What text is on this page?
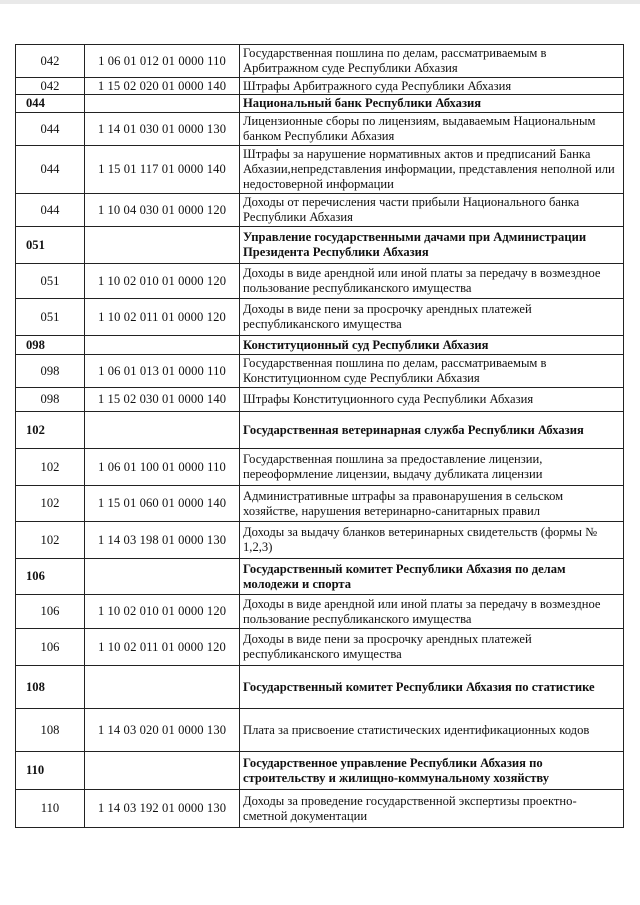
042	1 06 01 012 01 0000 110	Государственная пошлина по делам, рассматриваемым в Арбитражном суде Республики Абхазия
042	1 15 02 020 01 0000 140	Штрафы Арбитражного суда Республики Абхазия
044		Национальный банк Республики Абхазия
044	1 14 01 030 01 0000 130	Лицензионные сборы по лицензиям, выдаваемым Национальным банком Республики Абхазия
044	1 15 01 117 01 0000 140	Штрафы за нарушение нормативных актов и предписаний Банка Абхазии,непредставления информации, представления неполной или недостоверной информации
044	1 10 04 030 01 0000 120	Доходы от перечисления части прибыли Национального банка Республики Абхазия
051		Управление государственными дачами при Администрации Президента Республики Абхазия
051	1 10 02 010 01 0000 120	Доходы в виде арендной или иной платы за передачу в возмездное пользование республиканского имущества
051	1 10 02 011 01 0000 120	Доходы в виде пени за просрочку арендных платежей республиканского имущества
098		Конституционный суд Республики Абхазия
098	1 06 01 013 01 0000 110	Государственная пошлина по делам, рассматриваемым в Конституционном суде Республики Абхазия
098	1 15 02 030 01 0000 140	Штрафы Конституционного суда Республики Абхазия
102		Государственная ветеринарная служба Республики Абхазия
102	1 06 01 100 01 0000 110	Государственная пошлина за предоставление лицензии, переоформление лицензии, выдачу дубликата лицензии
102	1 15 01 060 01 0000 140	Административные штрафы за правонарушения в сельском хозяйстве, нарушения ветеринарно-санитарных правил
102	1 14 03 198 01 0000 130	Доходы за выдачу бланков ветеринарных свидетельств (формы № 1,2,3)
106		Государственный комитет Республики Абхазия по делам молодежи и спорта
106	1 10 02 010 01 0000 120	Доходы в виде арендной или иной платы за передачу в возмездное пользование республиканского имущества
106	1 10 02 011 01 0000 120	Доходы в виде пени за просрочку арендных платежей республиканского имущества
108		Государственный комитет Республики Абхазия по статистике
108	1 14 03 020 01 0000 130	Плата за присвоение статистических идентификационных кодов
110		Государственное управление Республики Абхазия по строительству и жилищно-коммунальному хозяйству
110	1 14 03 192 01 0000 130	Доходы за проведение государственной экспертизы проектно-сметной документации
